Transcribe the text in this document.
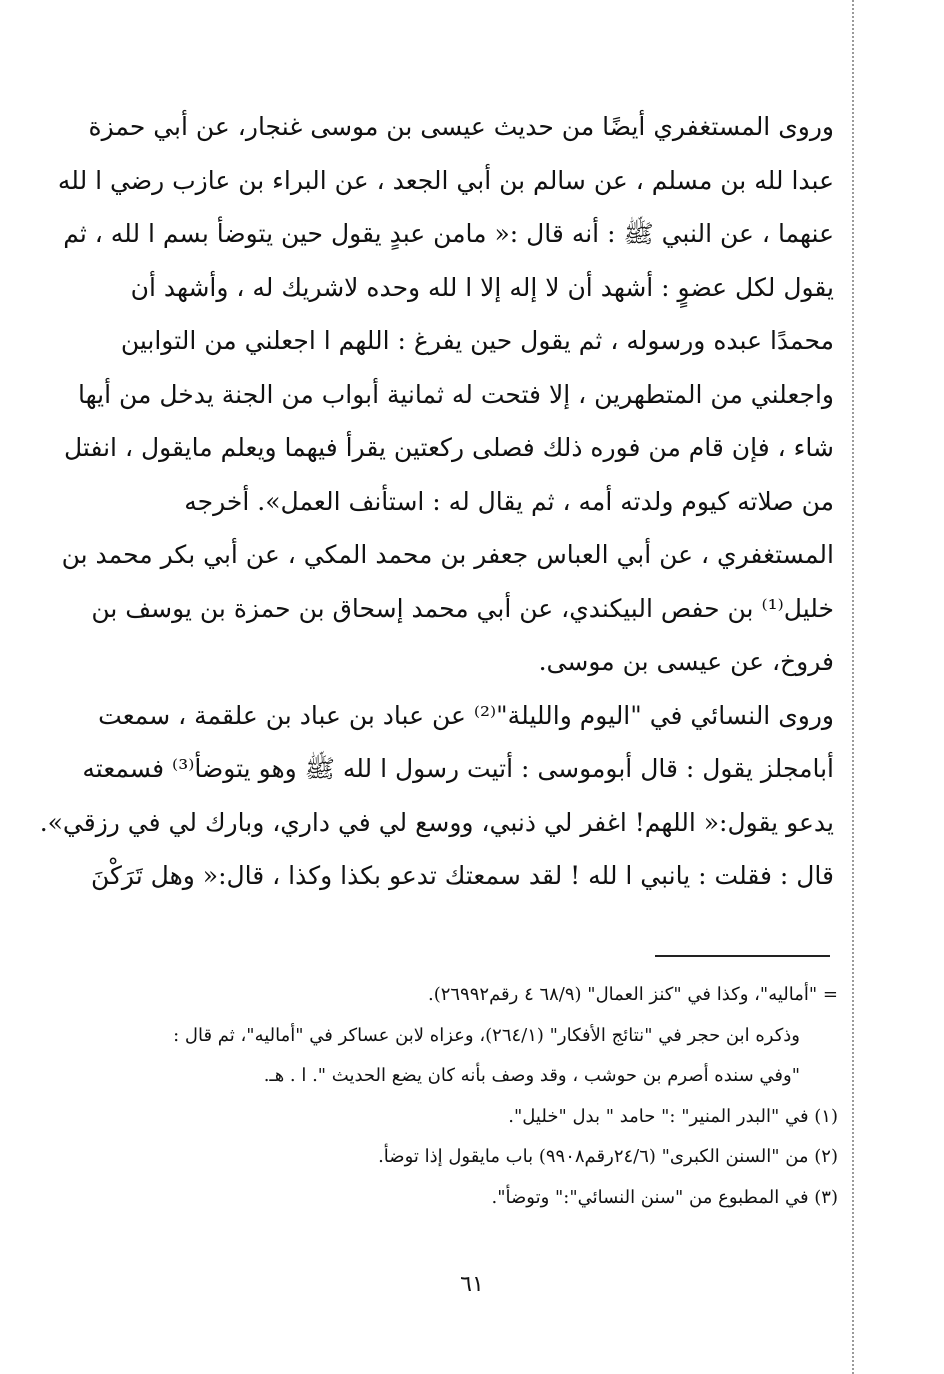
وروى المستغفري أيضًا من حديث عيسى بن موسى غنجار، عن أبي حمزة
عبدا لله بن مسلم ، عن سالم بن أبي الجعد ، عن البراء بن عازب رضي ا لله
عنهما ، عن النبي ﷺ : أنه قال :« مامن عبدٍ يقول حين يتوضأ بسم ا لله ، ثم
يقول لكل عضوٍ : أشهد أن لا إله إلا ا لله وحده لاشريك له ، وأشهد أن
محمدًا عبده ورسوله ، ثم يقول حين يفرغ : اللهم ا اجعلني من التوابين
واجعلني من المتطهرين ، إلا فتحت له ثمانية أبواب من الجنة يدخل من أيها
شاء ، فإن قام من فوره ذلك فصلى ركعتين يقرأ فيهما ويعلم مايقول ، انفتل
من صلاته كيوم ولدته أمه ، ثم يقال له : استأنف العمل». أخرجه
المستغفري ، عن أبي العباس جعفر بن محمد المكي ، عن أبي بكر محمد بن
خليل⁽¹⁾ بن حفص البيكندي، عن أبي محمد إسحاق بن حمزة بن يوسف بن
فروخ، عن عيسى بن موسى.
وروى النسائي في "اليوم والليلة"⁽²⁾ عن عباد بن عباد بن علقمة ، سمعت
أبامجلز يقول : قال أبوموسى : أتيت رسول ا لله ﷺ وهو يتوضأ⁽³⁾ فسمعته
يدعو يقول:« اللهم! اغفر لي ذنبي، ووسع لي في داري، وبارك لي في رزقي».
قال : فقلت : يانبي ا لله ! لقد سمعتك تدعو بكذا وكذا ، قال:« وهل تَرَكْنَ
= "أماليه"، وكذا في "كنز العمال" (٦٨/٩ ٤ رقم٢٦٩٩٢).
وذكره ابن حجر في "نتائج الأفكار" (٢٦٤/١)، وعزاه لابن عساكر في "أماليه"، ثم قال :
"وفي سنده أصرم بن حوشب ، وقد وصف بأنه كان يضع الحديث ". ا . هـ.
(١) في "البدر المنير" :" حامد " بدل "خليل".
(٢) من "السنن الكبرى" (٢٤/٦رقم٩٩٠٨) باب مايقول إذا توضأ.
(٣) في المطبوع من "سنن النسائي":" وتوضأ".
٦١
